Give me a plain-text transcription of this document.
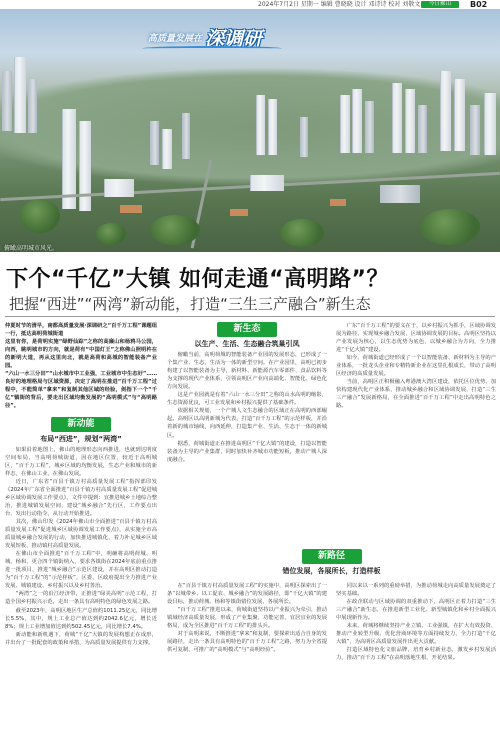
2024年7月2日 星期一 编辑 曹晓晓 设计 邓诗诗 校对 刘敬文	今日佛山	B02
高质量发展在 深调研
俯瞰高明城市风光。
下个“千亿”大镇 如何走通“高明路”？
把握“西进”“两湾”新动能，打造“三生三产融合”新生态

仲夏时节的清早，南都高质量发展·深调研之“百千万工程”课题组一行，抵达高明荷城街道

这里有你，是荷明实施“绿野仙踪”之称的高廉山和杨鸦马公园，向西，眺明城市的方向，就是荷有“中国灯王”之称佛山照明杵在的新明大道，再从这里向北，就是高荷和高城的智能装备产业园。

“六山一水三分田”“山水城市中工业强，工业城市中生态好”……良好的地理格局与区域资源，决定了高明在推进“百千万工程”过程中，不能简单“拿来”和复制其他区域的经验，剑指下一个“千亿”镇街的背后，要走出区域均衡发展的“高明模式”与“高明路径”。

新动能
布局“西进”，规划“两湾”

如果沿着地图上，佛山的地理形态向西推进，也就到达明度空间布局，当高明荷城街道，因在地区位置，较近于高明城区，“百千万工程”，城乡区域的均衡发展，生态产业和城市的新样态，在佛山工业，在佛山发展。

近日，广东省“百县千镇万村高质量发展工程”指挥部印发《2024年广东省全面推进“百县千镇万村高质量发展工程”促进城乡区域协调发展工作要点》，文件中提到：宜推进城乡土地综合整治，推进城镇发展空间，建设“城乡融合”先行区，工作要点出台，发出行动指令，从行动开始推进。

其次，佛山印发《2024年佛山市全面推进“百县千镇万村高质量发展工程”促进城乡区域协调发展工作要点》，从实施全市高质量城乡融合发展的行动，加快推进城镇化，着力补足城乡区域发展短板，推动镇村高质量发展。

在佛山市全面推进“百千万工程”中，明确将高明荷城、明城、杨和、更合四个镇街纳入，要求各镇街在2024年底前重点推进一批项目，推进“城乡融合”示范区建设，并在高明区推动打造为“百千万工程”的“示范样板”，区委、区政府提出全力推进产业发展、城镇建设、乡村振兴以及乡村善治。

“两湾”之一的沿江经济带，正推进“绿美高明”示范工程，打造全国乡村振兴示范，走出一条具有高明特色的绿色发展之路。

截至2023年，高明区地区生产总值约1011.25亿元，同比增长5.5%，其中，规上工业总产值达到约2042.6亿元，增长近8%；规上工业增加值达到约502.45亿元，同比增长7.4%。

新动能和新机遇下，荷城“千亿”大镇的发展构想正在成形，并出台了一批配套的政策和举措，为高质量发展提供有力支撑。

新生态
以生产、生活、生态融合筑巢引凤

俯瞰当前，高明荷城的智能装备产业园的发展形态，已形成了一个集产业、生态、生活为一体的新型空间。在产业园里，高明已初步构建了以智能装备为主导，新材料、新能源汽车零部件、食品饮料等为支撑的现代产业体系，引领高明区产业向高端化、智能化、绿色化方向发展。

这是产业园就是有着“六山一水三分田”之称的山水高明的缩影，生态资源优良，可工业发展和乡村振兴提供了基础条件。

依据相关规划，一个产城人文生态融合的区域正在高明的西部崛起。高明区以高明新城为代表，打造“百千万工程”的示范样板，并沿着新的城市轴线，向西延伸，打造集产业、生活、生态于一体的新城区。

据悉，荷城街道正在推进高明区“千亿大镇”的建设，打造以智能装备为主导的产业集群，同时加快补齐城市功能短板，推动产城人深度融合。

广东“百千万工程”的要义在于，以乡村振兴为抓手，区域协调发展为路径，实现城乡融合发展、区域协调发展的目标。高明区坚持以产业发展为核心，以生态优势为底色，以城乡融合为方向，全力推进“千亿大镇”建设。

如今，荷城街道已经形成了一个以智能装备、新材料为主导的产业体系，一批龙头企业和专精特新企业在这里扎根成长，带动了高明区经济的高质量发展。

当前，高明区正积极融入粤港澳大湾区建设，依托区位优势，加快构建现代化产业体系，推动城乡融合和区域协调发展，打造“三生三产融合”发展新格局，在全面推进“百千万工程”中走出高明特色之路。

新路径
错位发展，各展所长，打造样板

在“百县千镇万村高质量发展工程”的实施中，高明区探索出了一条“以城带乡、以工促农、城乡融合”的发展路径，即“千亿大镇”的建设目标，推动荷城、杨和等镇街错位发展、各展所长。

“百千万工程”推进以来，荷城街道坚持以产业振兴为牵引，推动镇域经济高质量发展，形成了产业集聚、功能完善、宜居宜业的发展格局，成为全区推进“百千万工程”的排头兵。

对于高明来说，不断推进“拿来”和复制，要探索出适合自身的发展路径，走出一条具有高明特色的“百千万工程”之路，努力为全省提供可复制、可推广的“高明模式”与“高明经验”。

同以来以一系列的重磅举措，为推动荷城走向高质量发展奠定了坚实基础。

在政企联动与区域协调的双重推动下，高明区正着力打造“三生三产融合”新生态，在推进新型工业化、新型城镇化和乡村全面振兴中展现新作为。

未来，荷城将继续坚持产业立镇、工业强镇，在扩大有效投资、推动产业转型升级、优化营商环境等方面持续发力，全力打造“千亿大镇”，为高明区高质量发展作出更大贡献。

打造区域特色化文旅品牌，培育乡村新业态，激发乡村发展活力，推动“百千万工程”在高明落地生根、开花结果。
